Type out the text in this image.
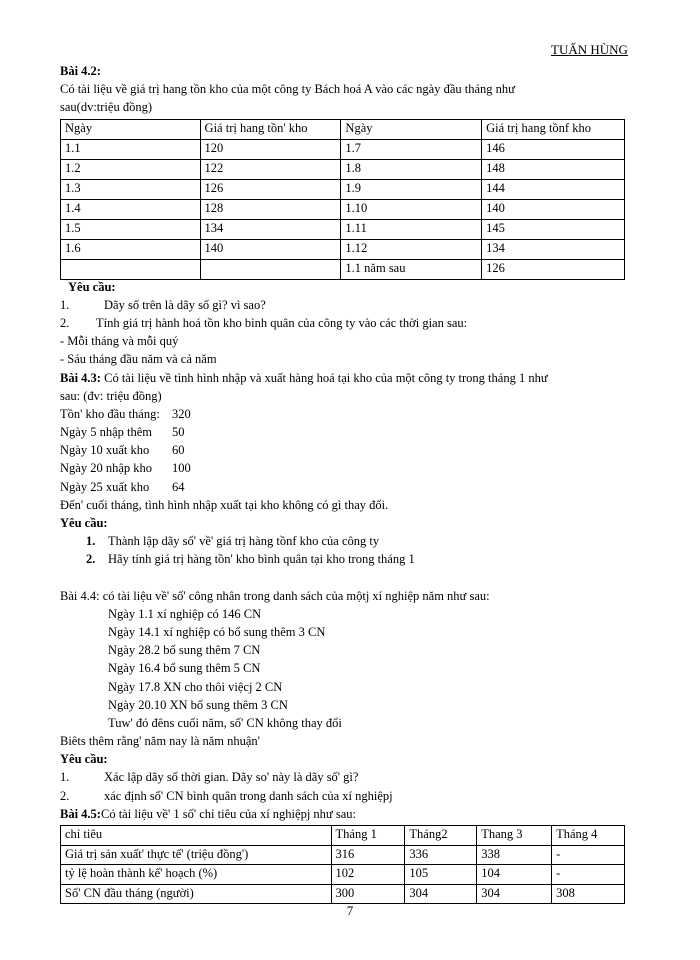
TUẤN HÙNG
Bài 4.2:
Có tài liệu về giá trị hang tồn kho của một công ty Bách hoá A vào các ngày đầu tháng như
sau(dv:triệu đồng)
Ngày	Giá trị hang tồn' kho	Ngày	Giá trị hang tồnf kho
1.1	120	1.7	146
1.2	122	1.8	148
1.3	126	1.9	144
1.4	128	1.10	140
1.5	134	1.11	145
1.6	140	1.12	134
		1.1 năm sau	126
Yêu cầu:
1.	Dãy số trên là dãy số gì? vì sao?
2. Tính giá trị hành hoá tồn kho bình quân của công ty vào các thời gian sau:
- Mỗi tháng và mỗi quý
- Sáu tháng đầu năm và cả năm
Bài 4.3: Có tài liệu về tình hình nhập và xuất hàng hoá tại kho của một công ty trong tháng 1 như
sau: (đv: triệu đồng)
Tồn' kho đầu tháng: 320
Ngày 5 nhập thêm 50
Ngày 10 xuất kho 60
Ngày 20 nhập kho 100
Ngày 25 xuất kho 64
Đến' cuối tháng, tình hình nhập xuất tại kho không có gì thay đổi.
Yêu cầu:
1. Thành lập dãy số' về' giá trị hàng tồnf kho của công ty
2. Hãy tính giá trị hàng tồn' kho bình quân tại kho trong tháng 1
Bài 4.4: có tài liệu về' số' công nhân trong danh sách của mộtj xí nghiệp năm như sau:
Ngày 1.1 xí nghiệp có 146 CN
Ngày 14.1 xí nghiệp có bổ sung thêm 3 CN
Ngày 28.2 bổ sung thêm 7 CN
Ngày 16.4 bổ sung thêm 5 CN
Ngày 17.8 XN cho thôi việcj 2 CN
Ngày 20.10 XN bổ sung thêm 3 CN
Tuw' đó đêns cuối năm, số' CN không thay đổi
Biêts thêm rằng' năm nay là năm nhuận'
Yêu cầu:
1.	Xác lập dãy số thời gian. Dãy so' này là dãy số' gì?
2.	xác định số' CN bình quân trong danh sách của xí nghiệpj
Bài 4.5:Có tài liệu về' 1 số' chỉ tiêu của xí nghiệpj như sau:
chỉ tiêu	Tháng 1	Tháng2	Thang 3	Tháng 4
Giá trị sản xuất' thực tế' (triệu đồng')	316	336	338	-
tỷ lệ hoàn thành kế' hoạch (%)	102	105	104	-
Số' CN đầu tháng (người)	300	304	304	308
7
